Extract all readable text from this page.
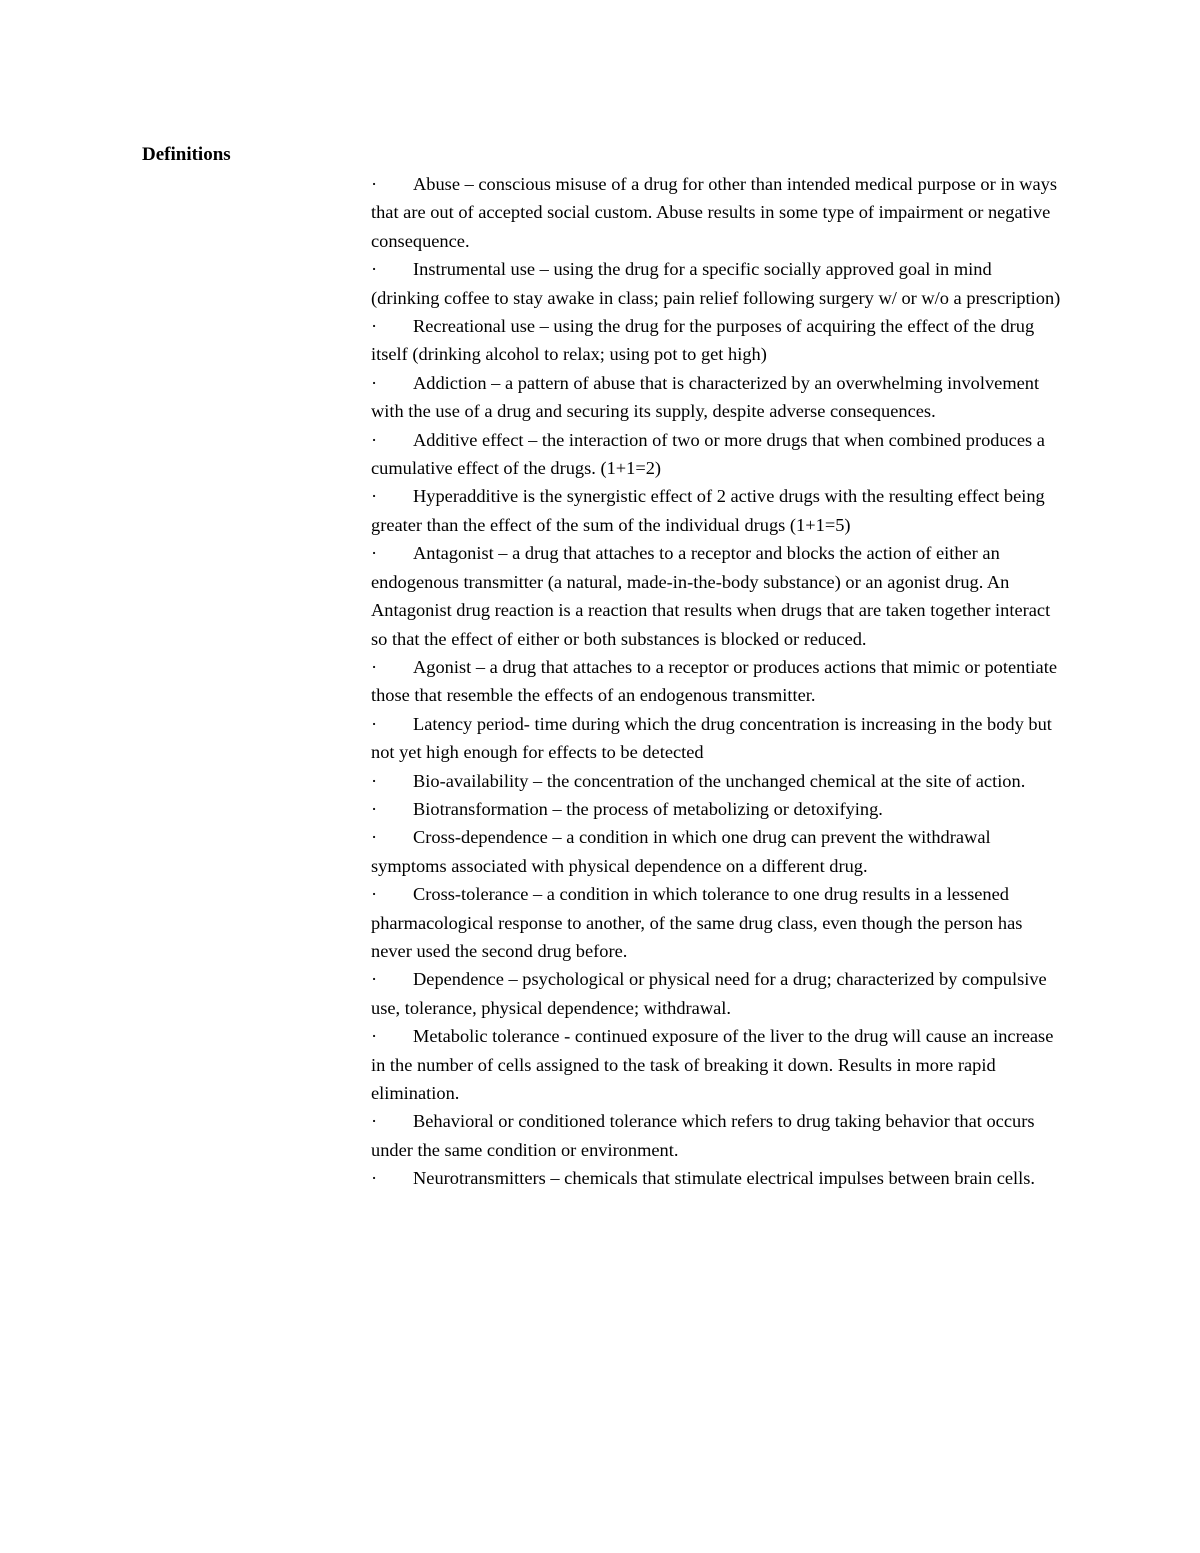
Definitions
· Abuse – conscious misuse of a drug for other than intended medical purpose or in ways that are out of accepted social custom. Abuse results in some type of impairment or negative consequence.
· Instrumental use – using the drug for a specific socially approved goal in mind (drinking coffee to stay awake in class; pain relief following surgery w/ or w/o a prescription)
· Recreational use – using the drug for the purposes of acquiring the effect of the drug itself (drinking alcohol to relax; using pot to get high)
· Addiction – a pattern of abuse that is characterized by an overwhelming involvement with the use of a drug and securing its supply, despite adverse consequences.
· Additive effect – the interaction of two or more drugs that when combined produces a cumulative effect of the drugs. (1+1=2)
· Hyperadditive is the synergistic effect of 2 active drugs with the resulting effect being greater than the effect of the sum of the individual drugs (1+1=5)
· Antagonist – a drug that attaches to a receptor and blocks the action of either an endogenous transmitter (a natural, made-in-the-body substance) or an agonist drug. An Antagonist drug reaction is a reaction that results when drugs that are taken together interact so that the effect of either or both substances is blocked or reduced.
· Agonist – a drug that attaches to a receptor or produces actions that mimic or potentiate those that resemble the effects of an endogenous transmitter.
· Latency period- time during which the drug concentration is increasing in the body but not yet high enough for effects to be detected
· Bio-availability – the concentration of the unchanged chemical at the site of action.
· Biotransformation – the process of metabolizing or detoxifying.
· Cross-dependence – a condition in which one drug can prevent the withdrawal symptoms associated with physical dependence on a different drug.
· Cross-tolerance – a condition in which tolerance to one drug results in a lessened pharmacological response to another, of the same drug class, even though the person has never used the second drug before.
· Dependence – psychological or physical need for a drug; characterized by compulsive use, tolerance, physical dependence; withdrawal.
· Metabolic tolerance - continued exposure of the liver to the drug will cause an increase in the number of cells assigned to the task of breaking it down. Results in more rapid elimination.
· Behavioral or conditioned tolerance which refers to drug taking behavior that occurs under the same condition or environment.
· Neurotransmitters – chemicals that stimulate electrical impulses between brain cells.
